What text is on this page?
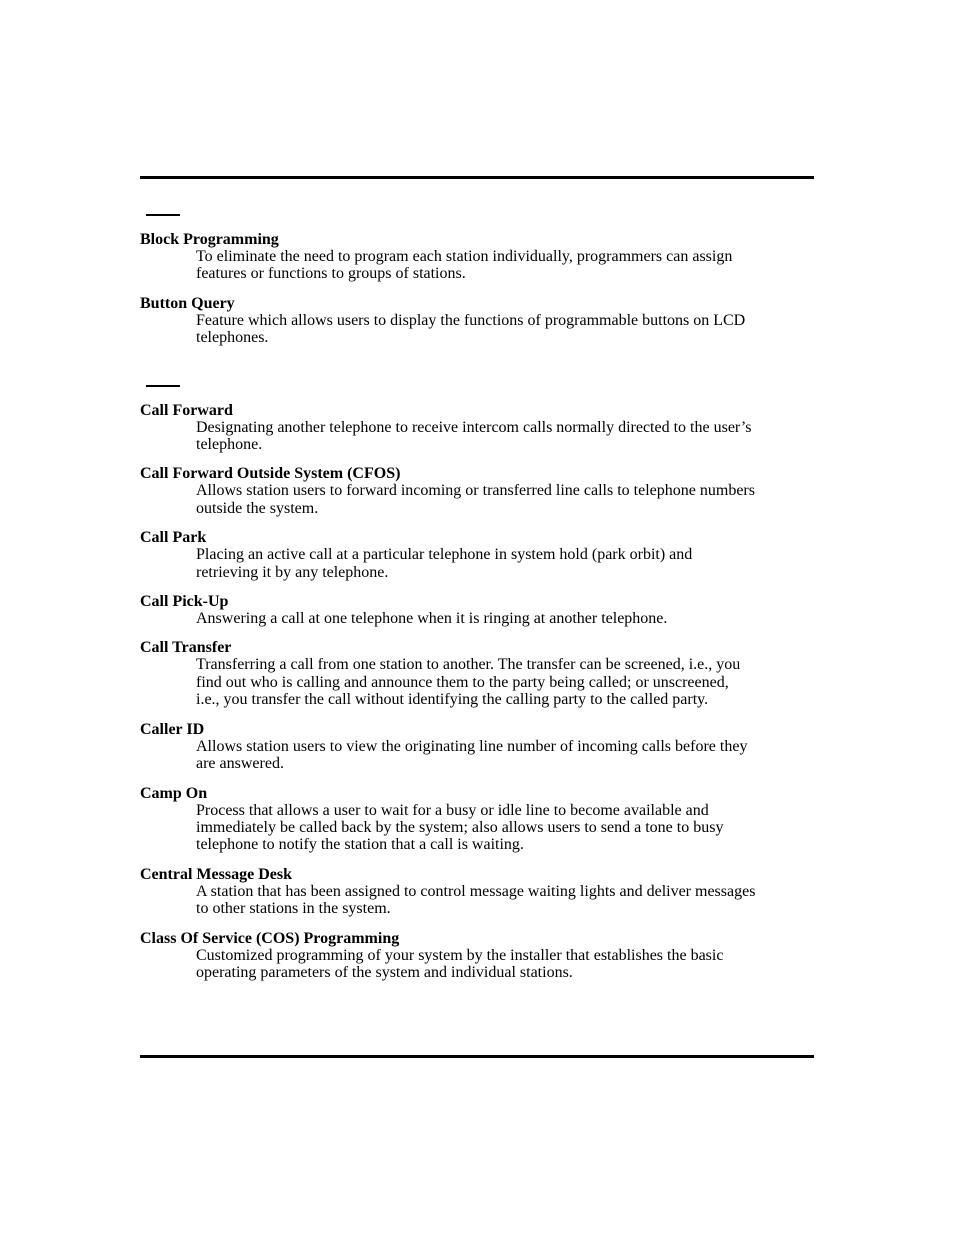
Block Programming
To eliminate the need to program each station individually, programmers can assign features or functions to groups of stations.
Button Query
Feature which allows users to display the functions of programmable buttons on LCD telephones.
Call Forward
Designating another telephone to receive intercom calls normally directed to the user’s telephone.
Call Forward Outside System (CFOS)
Allows station users to forward incoming or transferred line calls to telephone numbers outside the system.
Call Park
Placing an active call at a particular telephone in system hold (park orbit) and retrieving it by any telephone.
Call Pick-Up
Answering a call at one telephone when it is ringing at another telephone.
Call Transfer
Transferring a call from one station to another. The transfer can be screened, i.e., you find out who is calling and announce them to the party being called; or unscreened, i.e., you transfer the call without identifying the calling party to the called party.
Caller ID
Allows station users to view the originating line number of incoming calls before they are answered.
Camp On
Process that allows a user to wait for a busy or idle line to become available and immediately be called back by the system; also allows users to send a tone to busy telephone to notify the station that a call is waiting.
Central Message Desk
A station that has been assigned to control message waiting lights and deliver messages to other stations in the system.
Class Of Service (COS) Programming
Customized programming of your system by the installer that establishes the basic operating parameters of the system and individual stations.
